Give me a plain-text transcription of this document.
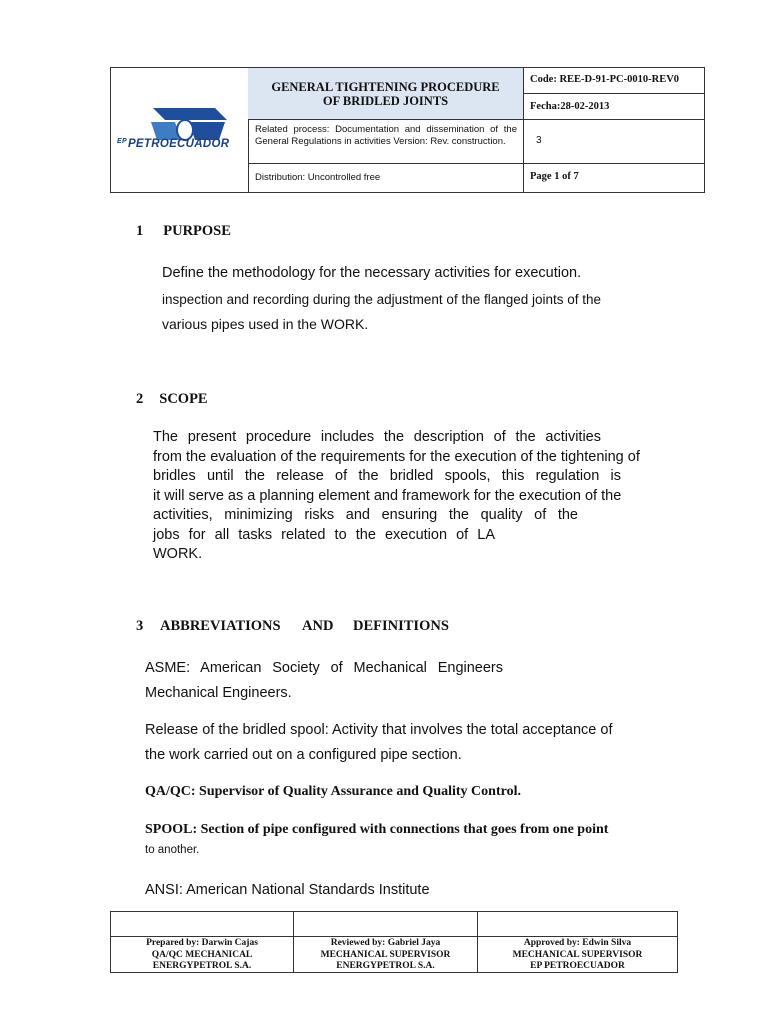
$^{EP}$PETROECUADOR
GENERAL TIGHTENING PROCEDURE
OF BRIDLED JOINTS
Code: REE-D-91-PC-0010-REV0
Fecha:28-02-2013
Related process: Documentation and dissemination of the General Regulations in activities Version: Rev. construction.	3
Distribution: Uncontrolled free	Page 1 of 7
1 PURPOSE
Define the methodology for the necessary activities for execution.
inspection and recording during the adjustment of the flanged joints of the
various pipes used in the WORK.
2 SCOPE
The present procedure includes the description of the activities
from the evaluation of the requirements for the execution of the tightening of
bridles until the release of the bridled spools, this regulation is
it will serve as a planning element and framework for the execution of the
activities, minimizing risks and ensuring the quality of the
jobs for all tasks related to the execution of LA
WORK.
3 ABBREVIATIONS AND DEFINITIONS
ASME: American Society of Mechanical Engineers
Mechanical Engineers.
Release of the bridled spool: Activity that involves the total acceptance of
the work carried out on a configured pipe section.
QA/QC: Supervisor of Quality Assurance and Quality Control.
SPOOL: Section of pipe configured with connections that goes from one point
to another.
ANSI: American National Standards Institute
Prepared by: Darwin Cajas
QA/QC MECHANICAL
ENERGYPETROL S.A.
Reviewed by: Gabriel Jaya
MECHANICAL SUPERVISOR
ENERGYPETROL S.A.
Approved by: Edwin Silva
MECHANICAL SUPERVISOR
EP PETROECUADOR
